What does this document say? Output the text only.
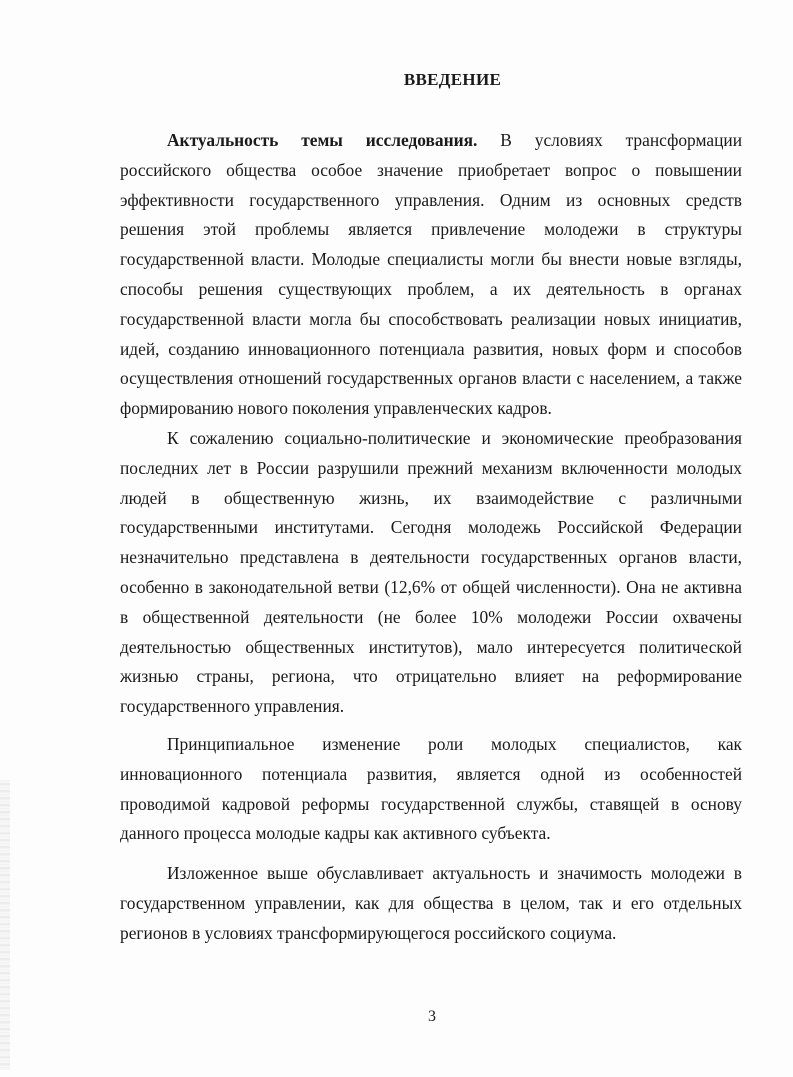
ВВЕДЕНИЕ

Актуальность темы исследования. В условиях трансформации российского общества особое значение приобретает вопрос о повышении эффективности государственного управления. Одним из основных средств решения этой проблемы является привлечение молодежи в структуры государственной власти. Молодые специалисты могли бы внести новые взгляды, способы решения существующих проблем, а их деятельность в органах государственной власти могла бы способствовать реализации новых инициатив, идей, созданию инновационного потенциала развития, новых форм и способов осуществления отношений государственных органов власти с населением, а также формированию нового поколения управленческих кадров.

К сожалению социально-политические и экономические преобразования последних лет в России разрушили прежний механизм включенности молодых людей в общественную жизнь, их взаимодействие с различными государственными институтами. Сегодня молодежь Российской Федерации незначительно представлена в деятельности государственных органов власти, особенно в законодательной ветви (12,6% от общей численности). Она не активна в общественной деятельности (не более 10% молодежи России охвачены деятельностью общественных институтов), мало интересуется политической жизнью страны, региона, что отрицательно влияет на реформирование государственного управления.

Принципиальное изменение роли молодых специалистов, как инновационного потенциала развития, является одной из особенностей проводимой кадровой реформы государственной службы, ставящей в основу данного процесса молодые кадры как активного субъекта.

Изложенное выше обуславливает актуальность и значимость молодежи в государственном управлении, как для общества в целом, так и его отдельных регионов в условиях трансформирующегося российского социума.

3
